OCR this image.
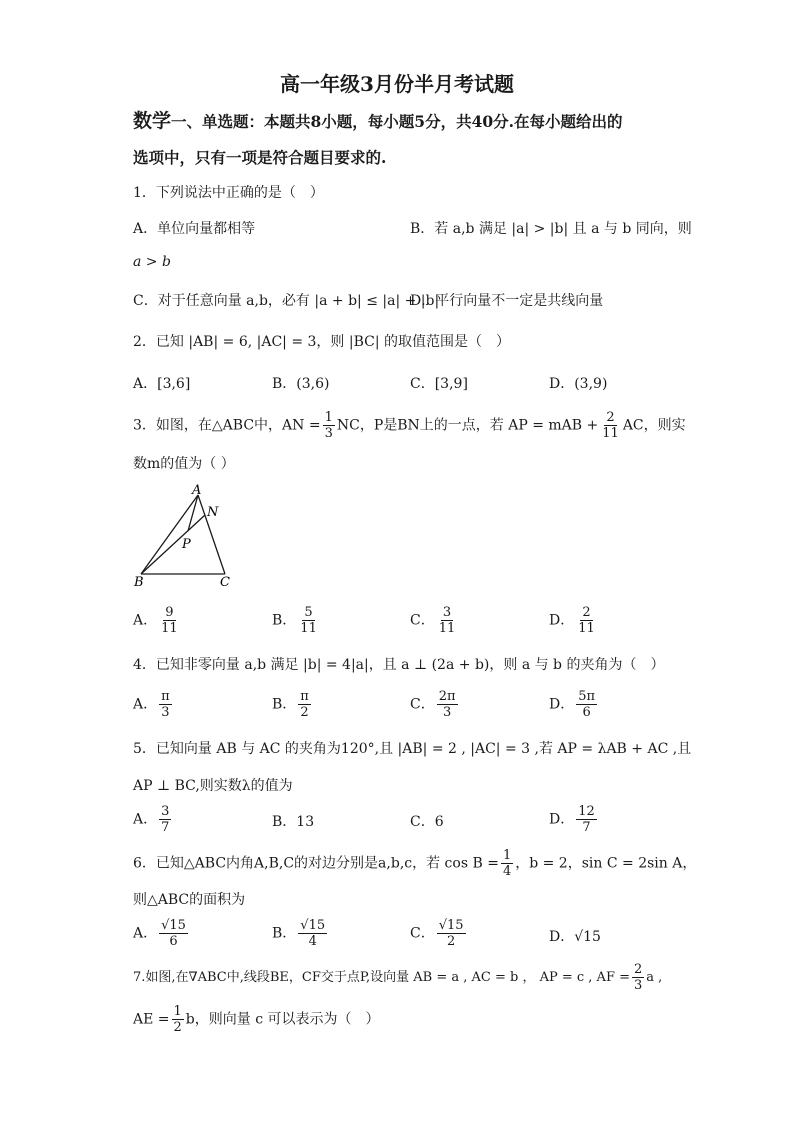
高一年级3月份半月考试题
数学一、单选题：本题共8小题，每小题5分，共40分.在每小题给出的
选项中，只有一项是符合题目要求的.
1．下列说法中正确的是（　）
A．单位向量都相等	B．若 a,b 满足 |a| > |b| 且 a 与 b 同向，则
a > b
C．对于任意向量 a,b，必有 |a + b| ≤ |a| + |b|
D．平行向量不一定是共线向量
2．已知 |AB| = 6, |AC| = 3，则 |BC| 的取值范围是（　）
A．[3,6]	B．(3,6)	C．[3,9]	D．(3,9)
3．如图，在△ABC中，AN = $\frac{1}{3}$ NC，P是BN上的一点，若 AP = mAB + $\frac{2}{11}$ AC，则实
数m的值为（ ）
A
N
P
B	C
A． $\frac{9}{11}$	B． $\frac{5}{11}$	C． $\frac{3}{11}$	D． $\frac{2}{11}$
4．已知非零向量 a,b 满足 |b| = 4|a|，且 a ⊥ (2a + b)，则 a 与 b 的夹角为（　）
A． $\frac{\pi}{3}$	B． $\frac{\pi}{2}$	C． $\frac{2\pi}{3}$	D． $\frac{5\pi}{6}$
5．已知向量 AB 与 AC 的夹角为120°,且 |AB| = 2 , |AC| = 3 ,若 AP = λAB + AC ,且
AP ⊥ BC,则实数λ的值为
A． $\frac{3}{7}$	B．13	C．6	D． $\frac{12}{7}$
6．已知△ABC内角A,B,C的对边分别是a,b,c，若 $\cos B = \frac{1}{4}$ ，b = 2，sin C = 2sin A，
则△ABC的面积为
A． $\frac{√15}{6}$	B． $\frac{√15}{4}$	C． $\frac{√15}{2}$	D．√15
7.如图,在∇ABC中,线段BE，CF交于点P,设向量 AB = a , AC = b ， AP = c , AF = $\frac{2}{3}$ a ,
AE = $\frac{1}{2}$ b，则向量 c 可以表示为（　）
